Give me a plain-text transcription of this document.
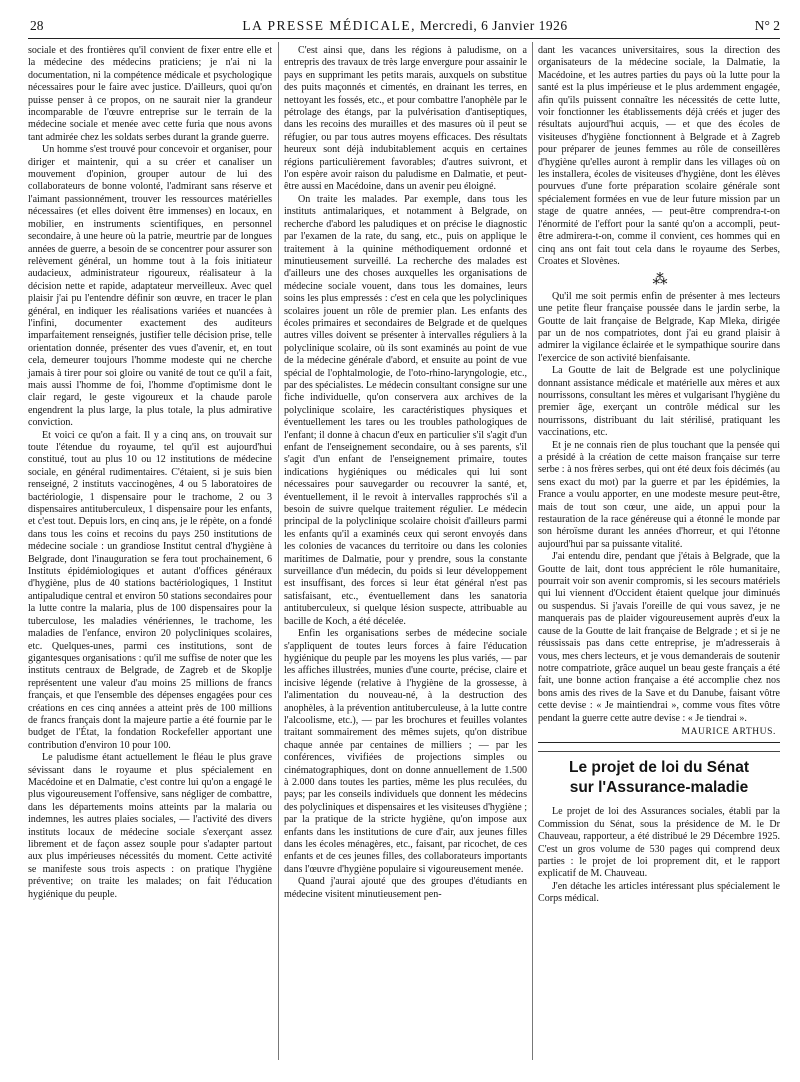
28	LA PRESSE MÉDICALE, Mercredi, 6 Janvier 1926	N° 2

sociale et des frontières qu'il convient de fixer entre elle et la médecine des médecins praticiens; je n'ai ni la documentation, ni la compétence médicale et psychologique nécessaires pour le faire avec justice. D'ailleurs, quoi qu'on puisse penser à ce propos, on ne saurait nier la grandeur incomparable de l'œuvre entreprise sur le terrain de la médecine sociale et menée avec cette furia que nous avons tant admirée chez les soldats serbes durant la grande guerre.

Un homme s'est trouvé pour concevoir et organiser, pour diriger et maintenir, qui a su créer et canaliser un mouvement d'opinion, grouper autour de lui des collaborateurs de bonne volonté, l'admirant sans réserve et l'aimant passionnément, trouver les ressources matérielles nécessaires (et elles doivent être immenses) en locaux, en mobilier, en instruments scientifiques, en personnel secondaire, à une heure où la patrie, meurtrie par de longues années de guerre, a besoin de se concentrer pour assurer son relèvement général, un homme tout à la fois initiateur audacieux, administrateur rigoureux, réalisateur à la décision nette et rapide, adaptateur merveilleux. Avec quel plaisir j'ai pu l'entendre définir son œuvre, en tracer le plan général, en indiquer les réalisations variées et nuancées à l'infini, documenter exactement des auditeurs imparfaitement renseignés, justifier telle décision prise, telle orientation donnée, présenter des vues d'avenir, et, en tout cela, demeurer toujours l'homme modeste qui ne cherche jamais à tirer pour soi gloire ou vanité de tout ce qu'il a fait, mais aussi l'homme de foi, l'homme d'optimisme dont le clair regard, le geste vigoureux et la chaude parole engendrent la plus large, la plus totale, la plus admirative conviction.

Et voici ce qu'on a fait. Il y a cinq ans, on trouvait sur toute l'étendue du royaume, tel qu'il est aujourd'hui constitué, tout au plus 10 ou 12 institutions de médecine sociale, en général rudimentaires. C'étaient, si je suis bien renseigné, 2 instituts vaccinogènes, 4 ou 5 laboratoires de bactériologie, 1 dispensaire pour le trachome, 2 ou 3 dispensaires antituberculeux, 1 dispensaire pour les enfants, et c'est tout. Depuis lors, en cinq ans, je le répète, on a fondé dans tous les coins et recoins du pays 250 institutions de médecine sociale : un grandiose Institut central d'hygiène à Belgrade, dont l'inauguration se fera tout prochainement, 6 Instituts épidémiologiques et autant d'offices généraux d'hygiène, plus de 40 stations bactériologiques, 1 Institut antipaludique central et environ 50 stations secondaires pour la lutte contre la malaria, plus de 100 dispensaires pour la tuberculose, les maladies vénériennes, le trachome, les maladies de l'enfance, environ 20 polycliniques scolaires, etc. Quelques-unes, parmi ces institutions, sont de gigantesques organisations : qu'il me suffise de noter que les instituts centraux de Belgrade, de Zagreb et de Skoplje représentent une valeur d'au moins 25 millions de francs français, et que l'ensemble des dépenses engagées pour ces créations en ces cinq années a atteint près de 100 millions de francs français dont la majeure partie a été fournie par le budget de l'État, la fondation Rockefeller apportant une contribution d'environ 10 pour 100.

Le paludisme étant actuellement le fléau le plus grave sévissant dans le royaume et plus spécialement en Macédoine et en Dalmatie, c'est contre lui qu'on a engagé le plus vigoureusement l'offensive, sans négliger de combattre, dans les départements moins atteints par la malaria ou indemnes, les autres plaies sociales, — l'activité des divers instituts locaux de médecine sociale s'exerçant assez librement et de façon assez souple pour s'adapter partout aux plus impérieuses nécessités du moment. Cette activité se manifeste sous trois aspects : on pratique l'hygiène préventive; on traite les malades; on fait l'éducation hygiénique du peuple.

C'est ainsi que, dans les régions à paludisme, on a entrepris des travaux de très large envergure pour assainir le pays en supprimant les petits marais, auxquels on substitue des puits maçonnés et cimentés, en drainant les terres, en nettoyant les fossés, etc., et pour combattre l'anophèle par le pétrolage des étangs, par la pulvérisation d'antiseptiques, dans les recoins des murailles et des masures où il peut se réfugier, ou par tous autres moyens efficaces. Des résultats heureux sont déjà indubitablement acquis en certaines régions particulièrement favorables; d'autres suivront, et l'on espère avoir raison du paludisme en Dalmatie, et peut-être aussi en Macédoine, dans un avenir peu éloigné.

On traite les malades. Par exemple, dans tous les instituts antimalariques, et notamment à Belgrade, on recherche d'abord les paludiques et on précise le diagnostic par l'examen de la rate, du sang, etc., puis on applique le traitement à la quinine méthodiquement ordonné et minutieusement surveillé. La recherche des malades est d'ailleurs une des choses auxquelles les organisations de médecine sociale vouent, dans tous les domaines, leurs soins les plus empressés : c'est en cela que les polycliniques scolaires jouent un rôle de premier plan. Les enfants des écoles primaires et secondaires de Belgrade et de quelques autres villes doivent se présenter à intervalles réguliers à la polyclinique scolaire, où ils sont examinés au point de vue de la médecine générale d'abord, et ensuite au point de vue spécial de l'ophtalmologie, de l'oto-rhino-laryngologie, etc., par des spécialistes. Le médecin consultant consigne sur une fiche individuelle, qu'on conservera aux archives de la polyclinique scolaire, les caractéristiques physiques et éventuellement les tares ou les troubles pathologiques de l'enfant; il donne à chacun d'eux en particulier s'il s'agit d'un enfant de l'enseignement secondaire, ou à ses parents, s'il s'agit d'un enfant de l'enseignement primaire, toutes indications hygiéniques ou médicales qui lui sont nécessaires pour sauvegarder ou recouvrer la santé, et, éventuellement, il le revoit à intervalles rapprochés s'il a besoin de suivre quelque traitement régulier. Le médecin principal de la polyclinique scolaire choisit d'ailleurs parmi les enfants qu'il a examinés ceux qui seront envoyés dans les colonies de vacances du territoire ou dans les colonies maritimes de Dalmatie, pour y prendre, sous la constante surveillance d'un médecin, du poids si leur développement est insuffisant, des forces si leur état général n'est pas satisfaisant, etc., éventuellement dans les sanatoria antituberculeux, si quelque lésion suspecte, attribuable au bacille de Koch, a été décelée.

Enfin les organisations serbes de médecine sociale s'appliquent de toutes leurs forces à faire l'éducation hygiénique du peuple par les moyens les plus variés, — par les affiches illustrées, munies d'une courte, précise, claire et incisive légende (relative à l'hygiène de la grossesse, à l'alimentation du nouveau-né, à la destruction des anophèles, à la prévention antituberculeuse, à la lutte contre l'alcoolisme, etc.), — par les brochures et feuilles volantes traitant sommairement des mêmes sujets, qu'on distribue chaque année par centaines de milliers ; — par les conférences, vivifiées de projections simples ou cinématographiques, dont on donne annuellement de 1.500 à 2.000 dans toutes les parties, même les plus reculées, du pays; par les conseils individuels que donnent les médecins des polycliniques et dispensaires et les visiteuses d'hygiène ; par la pratique de la stricte hygiène, qu'on impose aux enfants dans les institutions de cure d'air, aux jeunes filles dans les écoles ménagères, etc., faisant, par ricochet, de ces enfants et de ces jeunes filles, des collaborateurs importants dans l'œuvre d'hygiène populaire si vigoureusement menée.

Quand j'aurai ajouté que des groupes d'étudiants en médecine visitent minutieusement pen-

dant les vacances universitaires, sous la direction des organisateurs de la médecine sociale, la Dalmatie, la Macédoine, et les autres parties du pays où la lutte pour la santé est la plus impérieuse et le plus ardemment engagée, afin qu'ils puissent connaître les nécessités de cette lutte, voir fonctionner les établissements déjà créés et juger des résultats aujourd'hui acquis, — et que des écoles de visiteuses d'hygiène fonctionnent à Belgrade et à Zagreb pour préparer de jeunes femmes au rôle de conseillères d'hygiène qu'elles auront à remplir dans les villages où on les installera, écoles de visiteuses d'hygiène, dont les élèves pourvues d'une forte préparation scolaire générale sont spécialement formées en vue de leur future mission par un stage de quatre années, — peut-être comprendra-t-on l'énormité de l'effort pour la santé qu'on a accompli, peut-être admirera-t-on, comme il convient, ces hommes qui en cinq ans ont fait tout cela dans le royaume des Serbes, Croates et Slovènes.

⁂

Qu'il me soit permis enfin de présenter à mes lecteurs une petite fleur française poussée dans le jardin serbe, la Goutte de lait française de Belgrade, Kap Mleka, dirigée par un de nos compatriotes, dont j'ai eu grand plaisir à admirer la vigilance éclairée et le sympathique sourire dans l'exercice de son activité bienfaisante.

La Goutte de lait de Belgrade est une polyclinique donnant assistance médicale et matérielle aux mères et aux nourrissons, consultant les mères et vulgarisant l'hygiène du premier âge, exerçant un contrôle médical sur les nourrissons, distribuant du lait stérilisé, pratiquant les vaccinations, etc.

Et je ne connais rien de plus touchant que la pensée qui a présidé à la création de cette maison française sur terre serbe : à nos frères serbes, qui ont été deux fois décimés (au sens exact du mot) par la guerre et par les épidémies, la France a voulu apporter, en une modeste mesure peut-être, mais de tout son cœur, une aide, un appui pour la restauration de la race généreuse qui a étonné le monde par son héroïsme durant les années d'horreur, et qui l'étonne aujourd'hui par sa puissante vitalité.

J'ai entendu dire, pendant que j'étais à Belgrade, que la Goutte de lait, dont tous apprécient le rôle humanitaire, pourrait voir son avenir compromis, si les secours matériels qui lui viennent d'Occident étaient quelque jour diminués ou suspendus. Si j'avais l'oreille de qui vous savez, je ne manquerais pas de plaider vigoureusement auprès d'eux la cause de la Goutte de lait française de Belgrade ; et si je ne réussissais pas dans cette entreprise, je m'adresserais à vous, mes chers lecteurs, et je vous demanderais de soutenir notre compatriote, grâce auquel un beau geste français a été fait, une bonne action française a été accomplie chez nos bons amis des rives de la Save et du Danube, faisant vôtre cette devise : « Je maintiendrai », comme vous fîtes vôtre pendant la guerre cette autre devise : « Je tiendrai ».

MAURICE ARTHUS.
Le projet de loi du Sénat
sur l'Assurance-maladie

Le projet de loi des Assurances sociales, établi par la Commission du Sénat, sous la présidence de M. le Dr Chauveau, rapporteur, a été distribué le 29 Décembre 1925. C'est un gros volume de 530 pages qui comprend deux parties : le projet de loi proprement dit, et le rapport explicatif de M. Chauveau.

J'en détache les articles intéressant plus spécialement le Corps médical.
